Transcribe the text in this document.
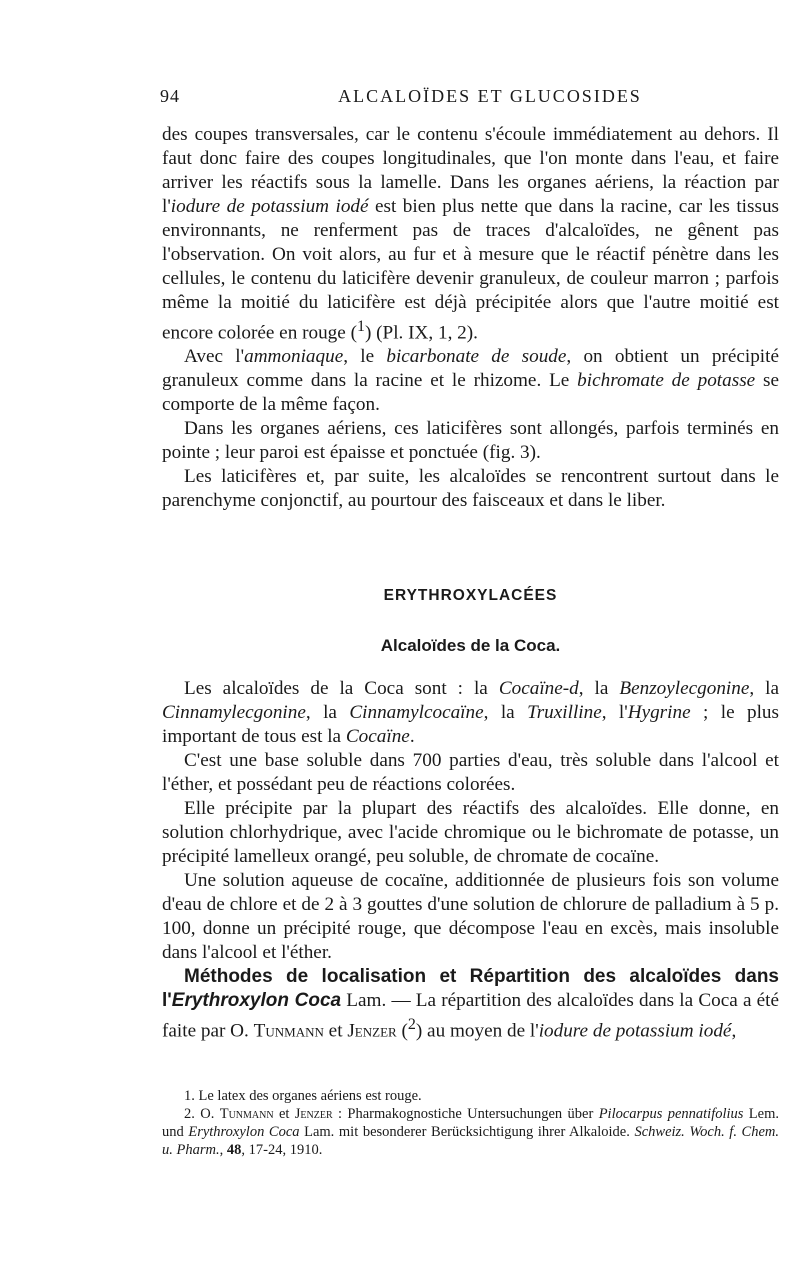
94	ALCALOÏDES ET GLUCOSIDES

des coupes transversales, car le contenu s'écoule immédiatement au dehors. Il faut donc faire des coupes longitudinales, que l'on monte dans l'eau, et faire arriver les réactifs sous la lamelle. Dans les organes aériens, la réaction par l'iodure de potassium iodé est bien plus nette que dans la racine, car les tissus environnants, ne renferment pas de traces d'alcaloïdes, ne gênent pas l'observation. On voit alors, au fur et à mesure que le réactif pénètre dans les cellules, le contenu du laticifère devenir granuleux, de couleur marron ; parfois même la moitié du laticifère est déjà précipitée alors que l'autre moitié est encore colorée en rouge ($^1$) (Pl. IX, 1, 2).

Avec l'ammoniaque, le bicarbonate de soude, on obtient un précipité granuleux comme dans la racine et le rhizome. Le bichromate de potasse se comporte de la même façon.

Dans les organes aériens, ces laticifères sont allongés, parfois terminés en pointe ; leur paroi est épaisse et ponctuée (fig. 3).

Les laticifères et, par suite, les alcaloïdes se rencontrent surtout dans le parenchyme conjonctif, au pourtour des faisceaux et dans le liber.

ERYTHROXYLACÉES
Alcaloïdes de la Coca.

Les alcaloïdes de la Coca sont : la Cocaïne-d, la Benzoylecgonine, la Cinnamylecgonine, la Cinnamylcocaïne, la Truxilline, l'Hygrine ; le plus important de tous est la Cocaïne.

C'est une base soluble dans 700 parties d'eau, très soluble dans l'alcool et l'éther, et possédant peu de réactions colorées.

Elle précipite par la plupart des réactifs des alcaloïdes. Elle donne, en solution chlorhydrique, avec l'acide chromique ou le bichromate de potasse, un précipité lamelleux orangé, peu soluble, de chromate de cocaïne.

Une solution aqueuse de cocaïne, additionnée de plusieurs fois son volume d'eau de chlore et de 2 à 3 gouttes d'une solution de chlorure de palladium à 5 p. 100, donne un précipité rouge, que décompose l'eau en excès, mais insoluble dans l'alcool et l'éther.

Méthodes de localisation et Répartition des alcaloïdes dans l'Erythroxylon Coca Lam. — La répartition des alcaloïdes dans la Coca a été faite par O. Tunmann et Jenzer ($^2$) au moyen de l'iodure de potassium iodé,

1. Le latex des organes aériens est rouge.

2. O. Tunmann et Jenzer : Pharmakognostiche Untersuchungen über Pilocarpus pennatifolius Lem. und Erythroxylon Coca Lam. mit besonderer Berücksichtigung ihrer Alkaloide. Schweiz. Woch. f. Chem. u. Pharm., 48, 17-24, 1910.
